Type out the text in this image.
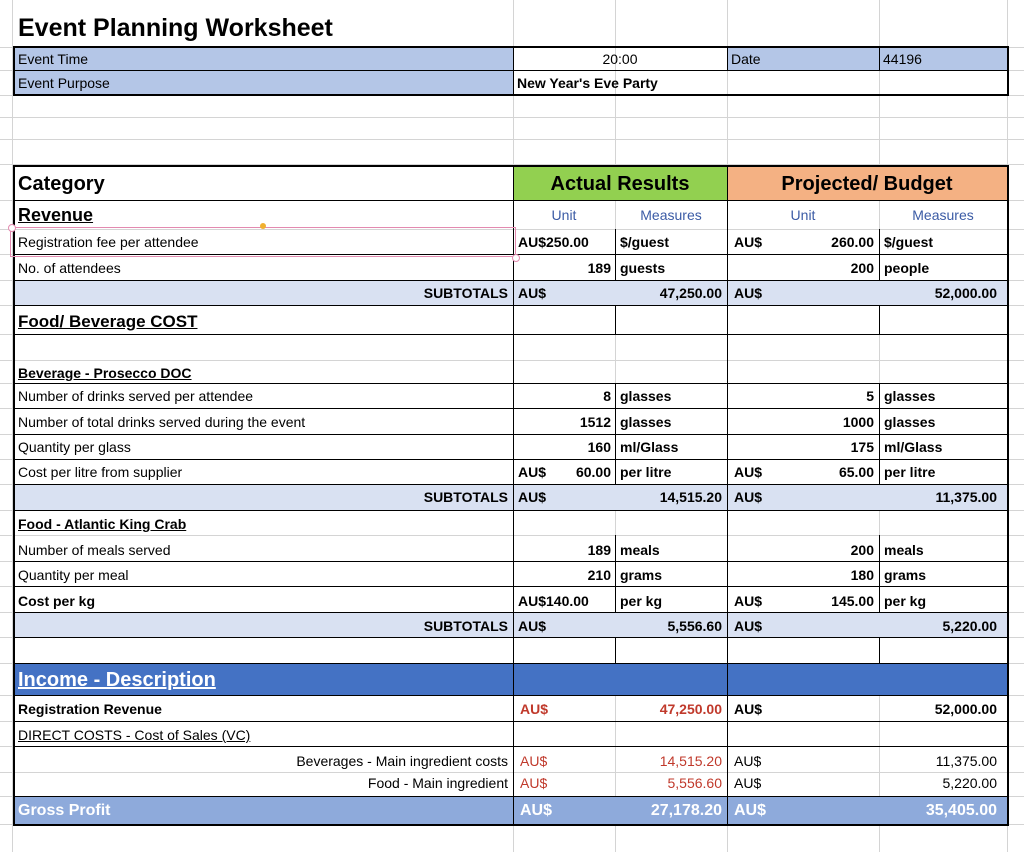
Event Planning Worksheet
Event Time	20:00	Date	44196
Event Purpose	New Year's Eve Party
Category	Actual Results	Projected/ Budget
Revenue	Unit	Measures	Unit	Measures
Registration fee per attendee	AU$250.00 $/guest	AU$	260.00 $/guest
No. of attendees	189 guests	200 people
SUBTOTALS AU$	47,250.00 AU$	52,000.00
Food/ Beverage COST
Beverage - Prosecco DOC
Number of drinks served per attendee	8 glasses	5 glasses
Number of total drinks served during the event	1512 glasses	1000 glasses
Quantity per glass	160 ml/Glass	175 ml/Glass
Cost per litre from supplier	AU$	60.00 per litre	AU$	65.00 per litre
SUBTOTALS AU$	14,515.20 AU$	11,375.00
Food - Atlantic King Crab
Number of meals served	189 meals	200 meals
Quantity per meal	210 grams	180 grams
Cost per kg	AU$140.00 per kg	AU$	145.00 per kg
SUBTOTALS AU$	5,556.60 AU$	5,220.00
Income - Description
Registration Revenue	AU$	47,250.00 AU$	52,000.00
DIRECT COSTS - Cost of Sales (VC)
Beverages - Main ingredient costs AU$	14,515.20 AU$	11,375.00
Food - Main ingredient AU$	5,556.60 AU$	5,220.00
Gross Profit	AU$	27,178.20 AU$	35,405.00
